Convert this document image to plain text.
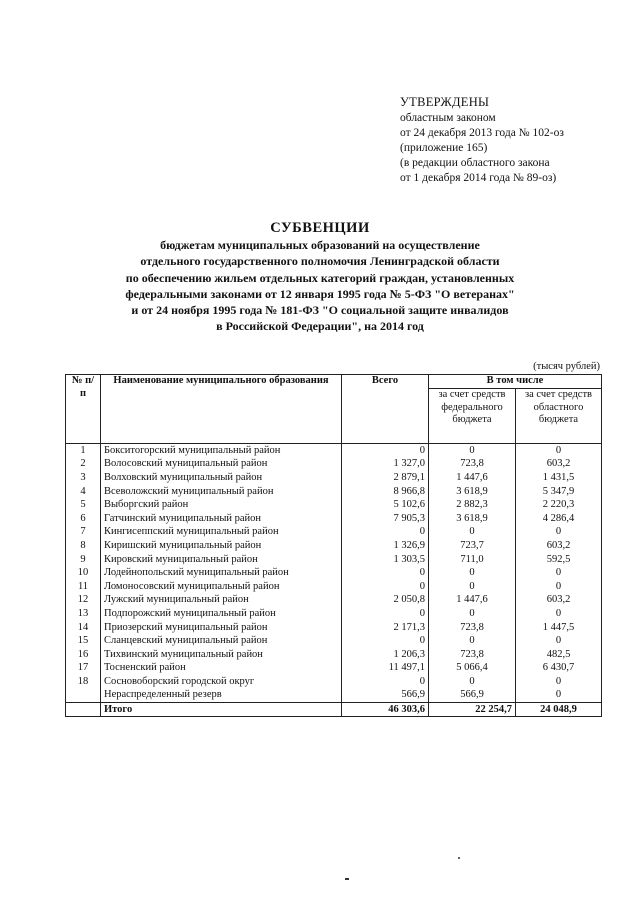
УТВЕРЖДЕНЫ
областным законом
от 24 декабря 2013 года № 102-оз
(приложение 165)
(в редакции областного закона
от 1 декабря 2014 года № 89-оз)
СУБВЕНЦИИ
бюджетам муниципальных образований на осуществление
отдельного государственного полномочия Ленинградской области
по обеспечению жильем отдельных категорий граждан, установленных
федеральными законами от 12 января 1995 года № 5-ФЗ "О ветеранах"
и от 24 ноября 1995 года № 181-ФЗ "О социальной защите инвалидов
в Российской Федерации", на 2014 год
(тысяч рублей)
№ п/п	Наименование муниципального образования	Всего	В том числе	
			за счет средств федерального бюджета	за счет средств областного бюджета
1	Бокситогорский муниципальный район	0	0	0
2	Волосовский муниципальный район	1 327,0	723,8	603,2
3	Волховский муниципальный район	2 879,1	1 447,6	1 431,5
4	Всеволожский муниципальный район	8 966,8	3 618,9	5 347,9
5	Выборгский район	5 102,6	2 882,3	2 220,3
6	Гатчинский муниципальный район	7 905,3	3 618,9	4 286,4
7	Кингисеппский муниципальный район	0	0	0
8	Киришский муниципальный район	1 326,9	723,7	603,2
9	Кировский муниципальный район	1 303,5	711,0	592,5
10	Лодейнопольский муниципальный район	0	0	0
11	Ломоносовский муниципальный район	0	0	0
12	Лужский муниципальный район	2 050,8	1 447,6	603,2
13	Подпорожский муниципальный район	0	0	0
14	Приозерский муниципальный район	2 171,3	723,8	1 447,5
15	Сланцевский муниципальный район	0	0	0
16	Тихвинский муниципальный район	1 206,3	723,8	482,5
17	Тосненский район	11 497,1	5 066,4	6 430,7
18	Сосновоборский городской округ	0	0	0
	Нераспределенный резерв	566,9	566,9	0
	Итого	46 303,6	22 254,7	24 048,9
